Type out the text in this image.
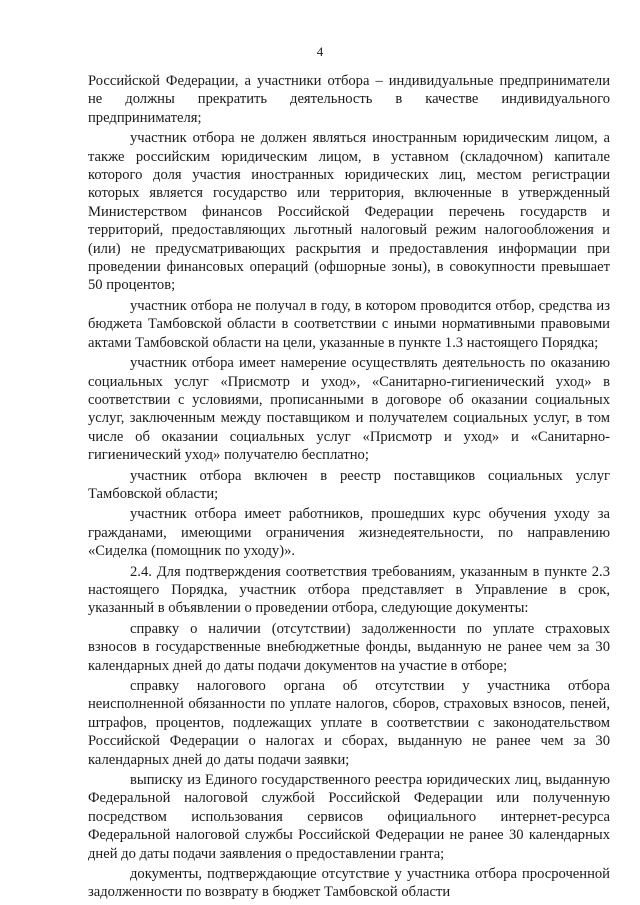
4

Российской Федерации, а участники отбора – индивидуальные предприниматели не должны прекратить деятельность в качестве индивидуального предпринимателя;

участник отбора не должен являться иностранным юридическим лицом, а также российским юридическим лицом, в уставном (складочном) капитале которого доля участия иностранных юридических лиц, местом регистрации которых является государство или территория, включенные в утвержденный Министерством финансов Российской Федерации перечень государств и территорий, предоставляющих льготный налоговый режим налогообложения и (или) не предусматривающих раскрытия и предоставления информации при проведении финансовых операций (офшорные зоны), в совокупности превышает 50 процентов;

участник отбора не получал в году, в котором проводится отбор, средства из бюджета Тамбовской области в соответствии с иными нормативными правовыми актами Тамбовской области на цели, указанные в пункте 1.3 настоящего Порядка;

участник отбора имеет намерение осуществлять деятельность по оказанию социальных услуг «Присмотр и уход», «Санитарно-гигиенический уход» в соответствии с условиями, прописанными в договоре об оказании социальных услуг, заключенным между поставщиком и получателем социальных услуг, в том числе об оказании социальных услуг «Присмотр и уход» и «Санитарно-гигиенический уход» получателю бесплатно;

участник отбора включен в реестр поставщиков социальных услуг Тамбовской области;

участник отбора имеет работников, прошедших курс обучения уходу за гражданами, имеющими ограничения жизнедеятельности, по направлению «Сиделка (помощник по уходу)».

2.4. Для подтверждения соответствия требованиям, указанным в пункте 2.3 настоящего Порядка, участник отбора представляет в Управление в срок, указанный в объявлении о проведении отбора, следующие документы:

справку о наличии (отсутствии) задолженности по уплате страховых взносов в государственные внебюджетные фонды, выданную не ранее чем за 30 календарных дней до даты подачи документов на участие в отборе;

справку налогового органа об отсутствии у участника отбора неисполненной обязанности по уплате налогов, сборов, страховых взносов, пеней, штрафов, процентов, подлежащих уплате в соответствии с законодательством Российской Федерации о налогах и сборах, выданную не ранее чем за 30 календарных дней до даты подачи заявки;

выписку из Единого государственного реестра юридических лиц, выданную Федеральной налоговой службой Российской Федерации или полученную посредством использования сервисов официального интернет-ресурса Федеральной налоговой службы Российской Федерации не ранее 30 календарных дней до даты подачи заявления о предоставлении гранта;

документы, подтверждающие отсутствие у участника отбора просроченной задолженности по возврату в бюджет Тамбовской области
